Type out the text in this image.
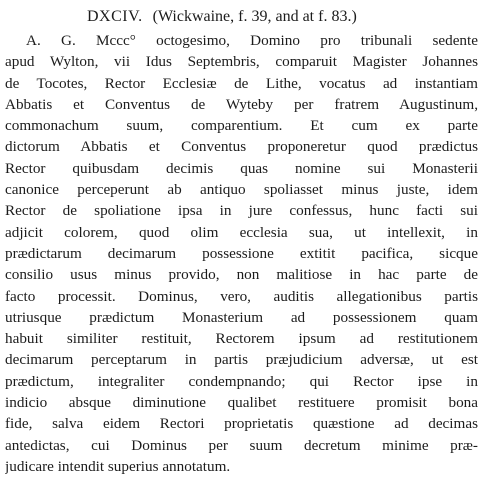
DXCIV. (Wickwaine, f. 39, and at f. 83.)
A. G. Mccc° octogesimo, Domino pro tribunali sedente
apud Wylton, vii Idus Septembris, comparuit Magister Johannes
de Tocotes, Rector Ecclesiæ de Lithe, vocatus ad instantiam
Abbatis et Conventus de Wyteby per fratrem Augustinum,
commonachum suum, comparentium. Et cum ex parte
dictorum Abbatis et Conventus proponeretur quod prædictus
Rector quibusdam decimis quas nomine sui Monasterii
canonice perceperunt ab antiquo spoliasset minus juste, idem
Rector de spoliatione ipsa in jure confessus, hunc facti sui
adjicit colorem, quod olim ecclesia sua, ut intellexit, in
prædictarum decimarum possessione extitit pacifica, sicque
consilio usus minus provido, non malitiose in hac parte de
facto processit. Dominus, vero, auditis allegationibus partis
utriusque prædictum Monasterium ad possessionem quam
habuit similiter restituit, Rectorem ipsum ad restitutionem
decimarum perceptarum in partis præjudicium adversæ, ut est
prædictum, integraliter condempnando; qui Rector ipse in
indicio absque diminutione qualibet restituere promisit bona
fide, salva eidem Rectori proprietatis quæstione ad decimas
antedictas, cui Dominus per suum decretum minime præ-
judicare intendit superius annotatum.
